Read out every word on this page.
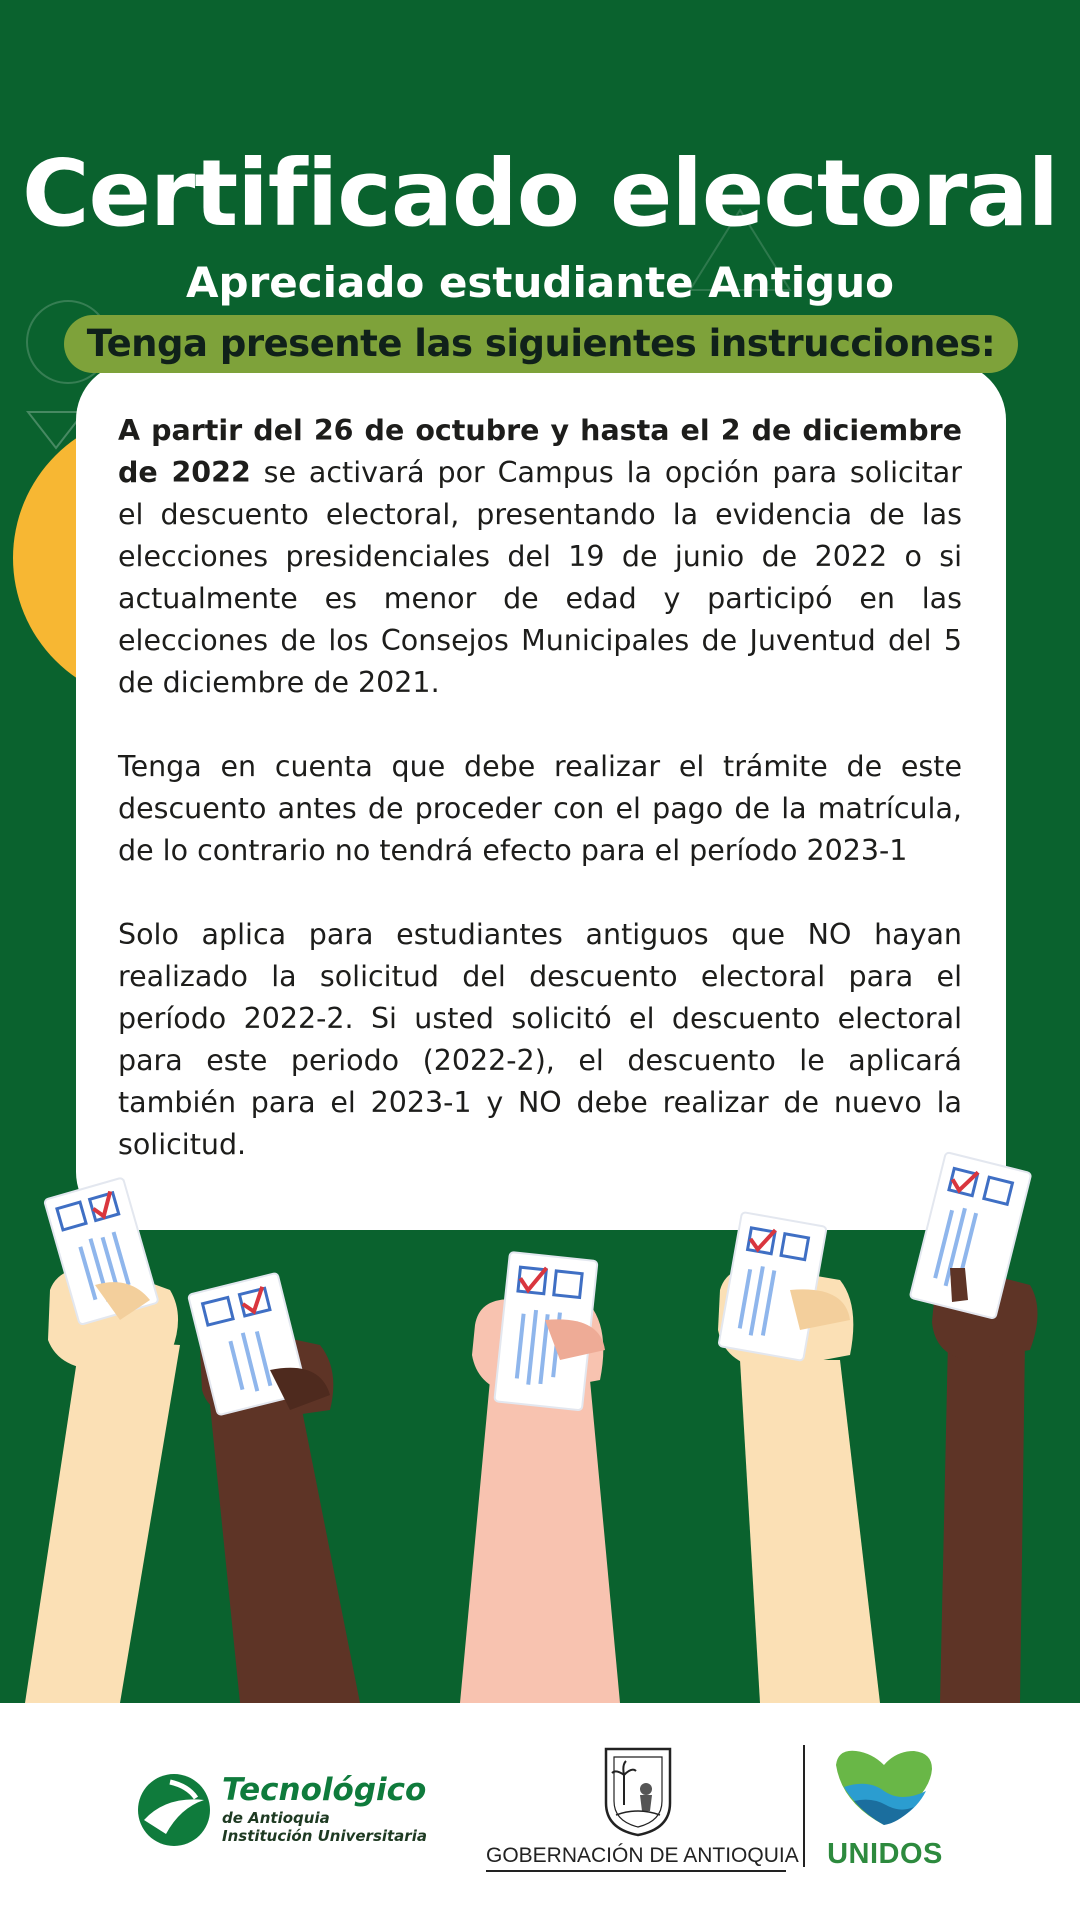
Certificado electoral
Apreciado estudiante Antiguo
Tenga presente las siguientes instrucciones:

A partir del 26 de octubre y hasta el 2 de diciembre de 2022 se activará por Campus la opción para solicitar el descuento electoral, presentando la evidencia de las elecciones presidenciales del 19 de junio de 2022 o si actualmente es menor de edad y participó en las elecciones de los Consejos Municipales de Juventud del 5 de diciembre de 2021.

Tenga en cuenta que debe realizar el trámite de este descuento antes de proceder con el pago de la matrícula, de lo contrario no tendrá efecto para el período 2023-1

Solo aplica para estudiantes antiguos que NO hayan realizado la solicitud del descuento electoral para el período 2022-2. Si usted solicitó el descuento electoral para este periodo (2022-2), el descuento le aplicará también para el 2023-1 y NO debe realizar de nuevo la solicitud.

Tecnológico
de Antioquia
Institución Universitaria
GOBERNACIÓN DE ANTIOQUIA UNIDOS
